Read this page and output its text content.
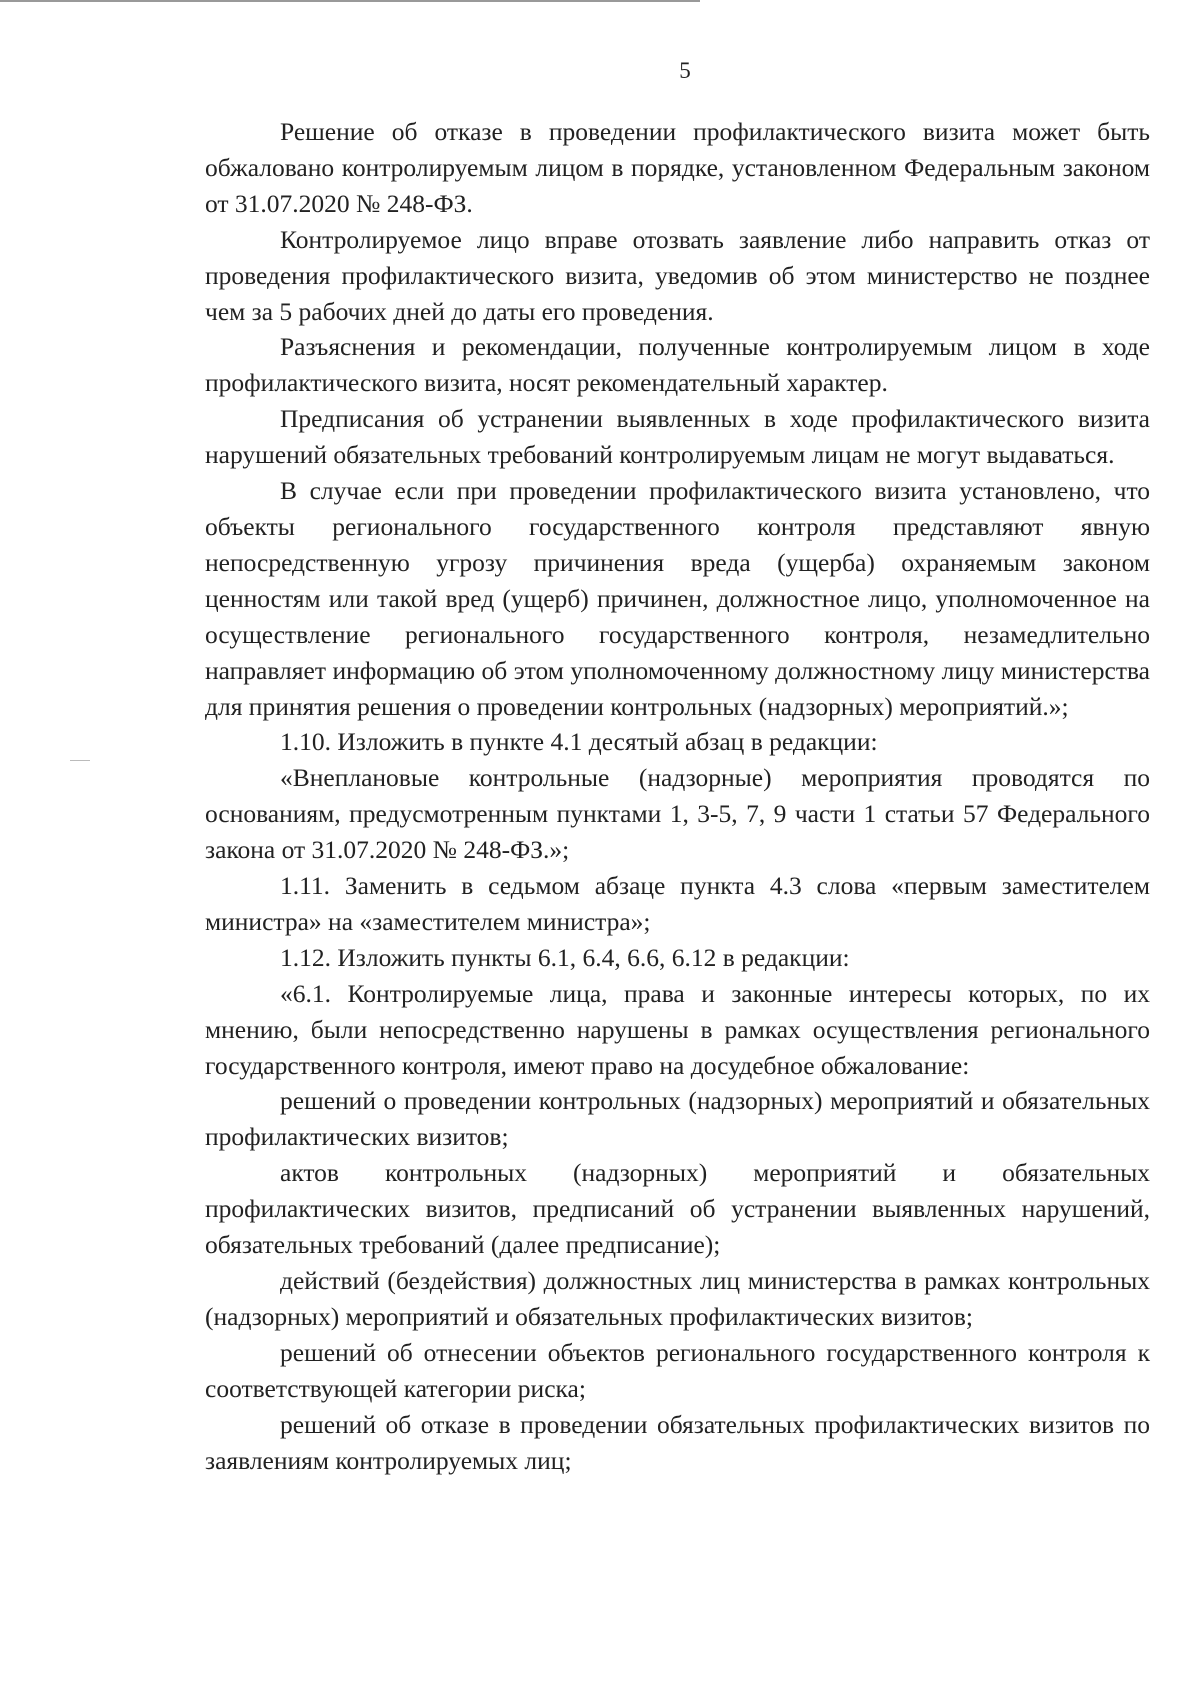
5

Решение об отказе в проведении профилактического визита может быть обжаловано контролируемым лицом в порядке, установленном Федеральным законом от 31.07.2020 № 248-ФЗ.

Контролируемое лицо вправе отозвать заявление либо направить отказ от проведения профилактического визита, уведомив об этом министерство не позднее чем за 5 рабочих дней до даты его проведения.

Разъяснения и рекомендации, полученные контролируемым лицом в ходе профилактического визита, носят рекомендательный характер.

Предписания об устранении выявленных в ходе профилактического визита нарушений обязательных требований контролируемым лицам не могут выдаваться.

В случае если при проведении профилактического визита установлено, что объекты регионального государственного контроля представляют явную непосредственную угрозу причинения вреда (ущерба) охраняемым законом ценностям или такой вред (ущерб) причинен, должностное лицо, уполномоченное на осуществление регионального государственного контроля, незамедлительно направляет информацию об этом уполномоченному должностному лицу министерства для принятия решения о проведении контрольных (надзорных) мероприятий.»;

1.10. Изложить в пункте 4.1 десятый абзац в редакции:

«Внеплановые контрольные (надзорные) мероприятия проводятся по основаниям, предусмотренным пунктами 1, 3-5, 7, 9 части 1 статьи 57 Федерального закона от 31.07.2020 № 248-ФЗ.»;

1.11. Заменить в седьмом абзаце пункта 4.3 слова «первым заместителем министра» на «заместителем министра»;

1.12. Изложить пункты 6.1, 6.4, 6.6, 6.12 в редакции:

«6.1. Контролируемые лица, права и законные интересы которых, по их мнению, были непосредственно нарушены в рамках осуществления регионального государственного контроля, имеют право на досудебное обжалование:

решений о проведении контрольных (надзорных) мероприятий и обязательных профилактических визитов;

актов контрольных (надзорных) мероприятий и обязательных профилактических визитов, предписаний об устранении выявленных нарушений, обязательных требований (далее предписание);

действий (бездействия) должностных лиц министерства в рамках контрольных (надзорных) мероприятий и обязательных профилактических визитов;

решений об отнесении объектов регионального государственного контроля к соответствующей категории риска;

решений об отказе в проведении обязательных профилактических визитов по заявлениям контролируемых лиц;
